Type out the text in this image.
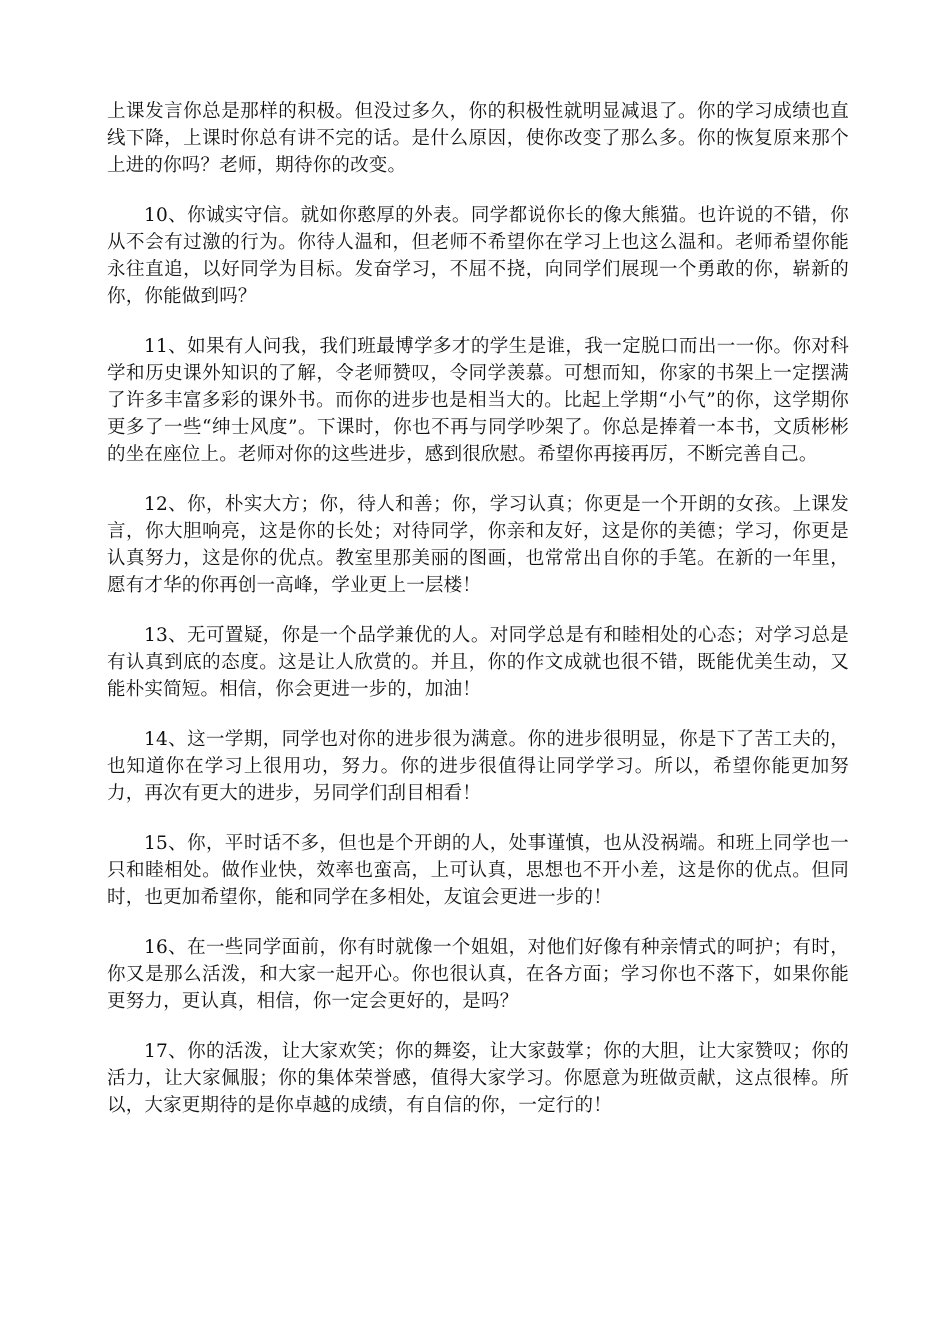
上课发言你总是那样的积极。但没过多久，你的积极性就明显减退了。你的学习成绩也直线下降，上课时你总有讲不完的话。是什么原因，使你改变了那么多。你的恢复原来那个上进的你吗？老师，期待你的改变。

10、你诚实守信。就如你憨厚的外表。同学都说你长的像大熊猫。也许说的不错，你从不会有过激的行为。你待人温和，但老师不希望你在学习上也这么温和。老师希望你能永往直追，以好同学为目标。发奋学习，不屈不挠，向同学们展现一个勇敢的你，崭新的你，你能做到吗？

11、如果有人问我，我们班最博学多才的学生是谁，我一定脱口而出一一你。你对科学和历史课外知识的了解，令老师赞叹，令同学羡慕。可想而知，你家的书架上一定摆满了许多丰富多彩的课外书。而你的进步也是相当大的。比起上学期“小气”的你，这学期你更多了一些“绅士风度”。下课时，你也不再与同学吵架了。你总是捧着一本书，文质彬彬的坐在座位上。老师对你的这些进步，感到很欣慰。希望你再接再厉，不断完善自己。

12、你，朴实大方；你，待人和善；你，学习认真；你更是一个开朗的女孩。上课发言，你大胆响亮，这是你的长处；对待同学，你亲和友好，这是你的美德；学习，你更是认真努力，这是你的优点。教室里那美丽的图画，也常常出自你的手笔。在新的一年里，愿有才华的你再创一高峰，学业更上一层楼！

13、无可置疑，你是一个品学兼优的人。对同学总是有和睦相处的心态；对学习总是有认真到底的态度。这是让人欣赏的。并且，你的作文成就也很不错，既能优美生动，又能朴实简短。相信，你会更进一步的，加油！

14、这一学期，同学也对你的进步很为满意。你的进步很明显，你是下了苦工夫的，也知道你在学习上很用功，努力。你的进步很值得让同学学习。所以，希望你能更加努力，再次有更大的进步，另同学们刮目相看！

15、你，平时话不多，但也是个开朗的人，处事谨慎，也从没祸端。和班上同学也一只和睦相处。做作业快，效率也蛮高，上可认真，思想也不开小差，这是你的优点。但同时，也更加希望你，能和同学在多相处，友谊会更进一步的！

16、在一些同学面前，你有时就像一个姐姐，对他们好像有种亲情式的呵护；有时，你又是那么活泼，和大家一起开心。你也很认真，在各方面；学习你也不落下，如果你能更努力，更认真，相信，你一定会更好的，是吗？

17、你的活泼，让大家欢笑；你的舞姿，让大家鼓掌；你的大胆，让大家赞叹；你的活力，让大家佩服；你的集体荣誉感，值得大家学习。你愿意为班做贡献，这点很棒。所以，大家更期待的是你卓越的成绩，有自信的你，一定行的！
